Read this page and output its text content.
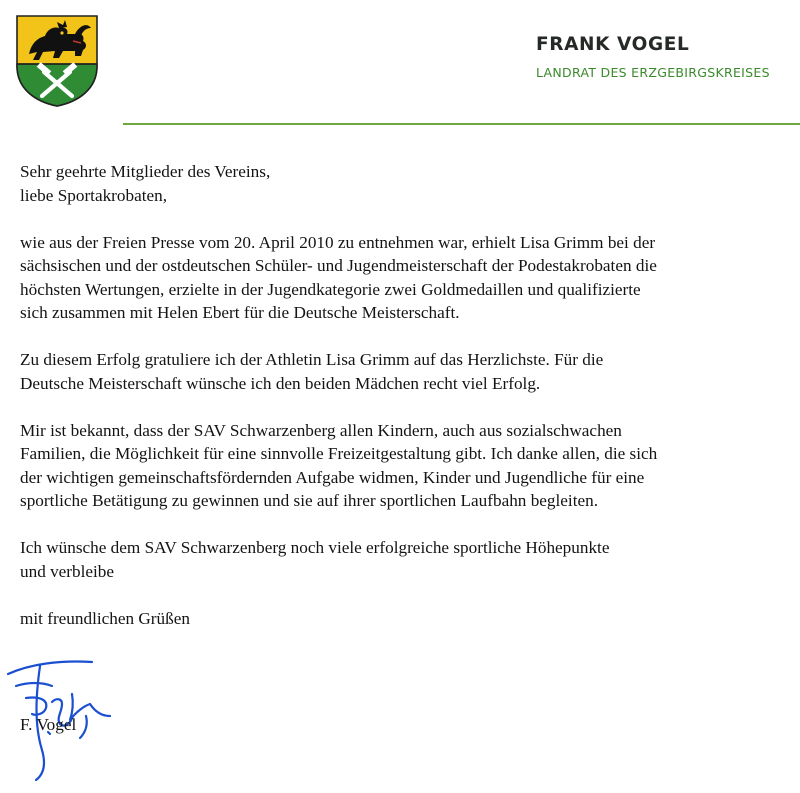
FRANK VOGEL
LANDRAT DES ERZGEBIRGSKREISES

Sehr geehrte Mitglieder des Vereins,

liebe Sportakrobaten,

wie aus der Freien Presse vom 20. April 2010 zu entnehmen war, erhielt Lisa Grimm bei der

sächsischen und der ostdeutschen Schüler- und Jugendmeisterschaft der Podestakrobaten die

höchsten Wertungen, erzielte in der Jugendkategorie zwei Goldmedaillen und qualifizierte

sich zusammen mit Helen Ebert für die Deutsche Meisterschaft.

Zu diesem Erfolg gratuliere ich der Athletin Lisa Grimm auf das Herzlichste. Für die

Deutsche Meisterschaft wünsche ich den beiden Mädchen recht viel Erfolg.

Mir ist bekannt, dass der SAV Schwarzenberg allen Kindern, auch aus sozialschwachen

Familien, die Möglichkeit für eine sinnvolle Freizeitgestaltung gibt. Ich danke allen, die sich

der wichtigen gemeinschaftsfördernden Aufgabe widmen, Kinder und Jugendliche für eine

sportliche Betätigung zu gewinnen und sie auf ihrer sportlichen Laufbahn begleiten.

Ich wünsche dem SAV Schwarzenberg noch viele erfolgreiche sportliche Höhepunkte

und verbleibe

mit freundlichen Grüßen

F. Vogel
